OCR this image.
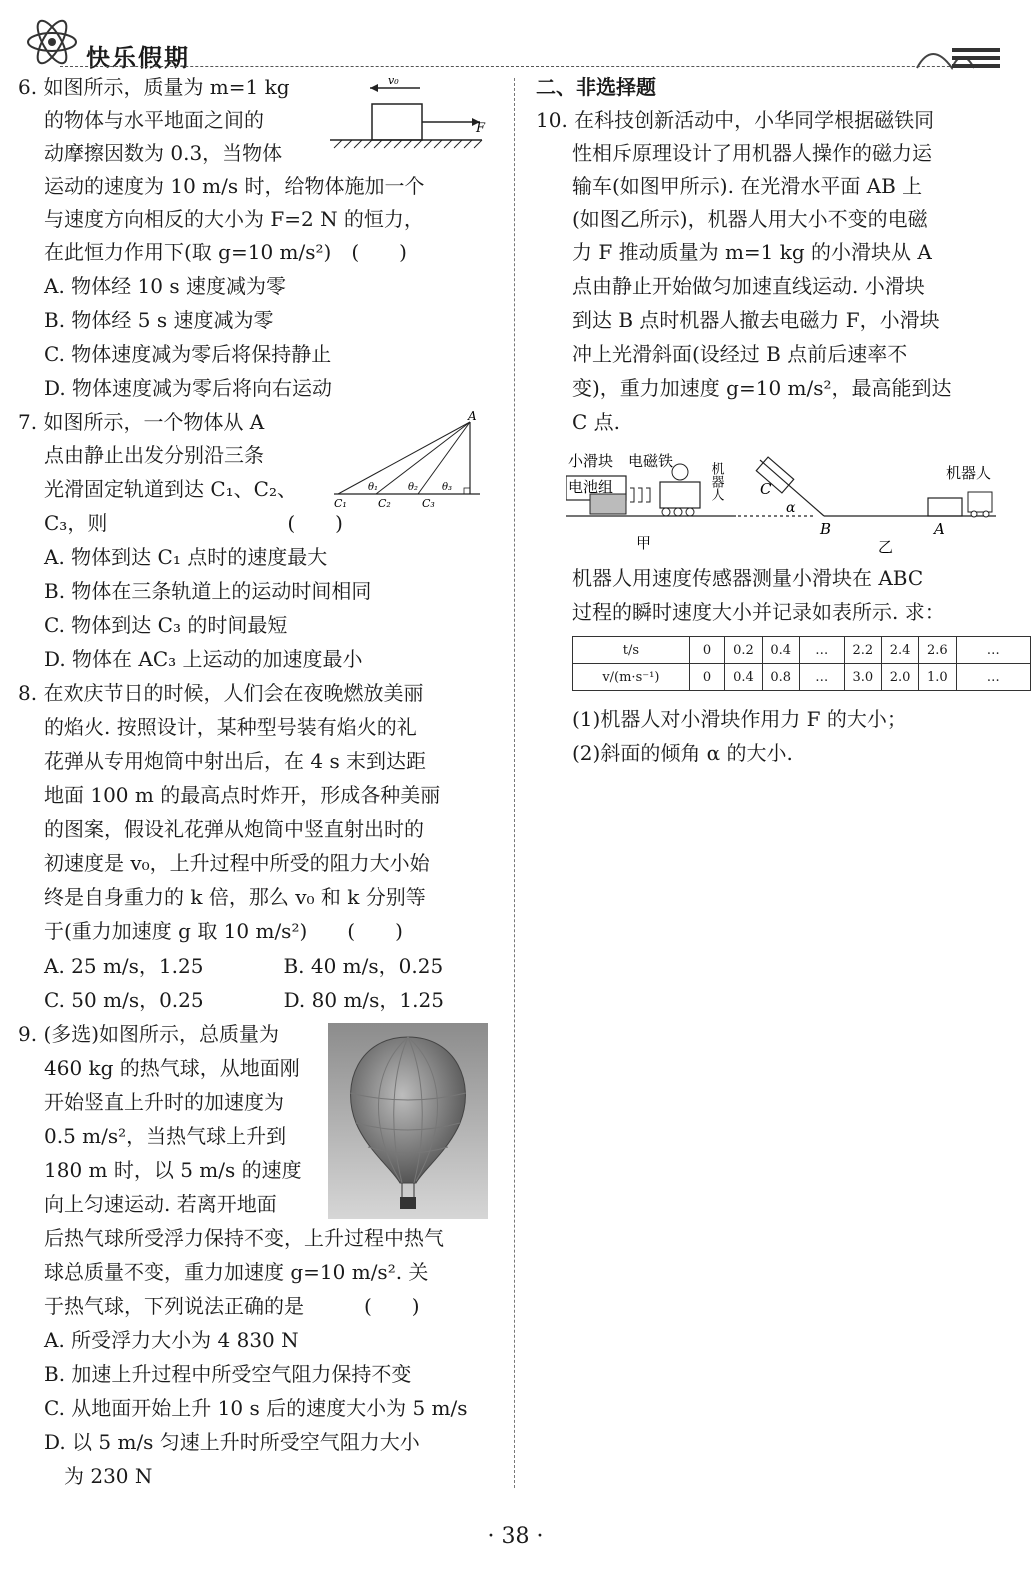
快乐假期
6. 如图所示，质量为 m=1 kg
的物体与水平地面之间的
动摩擦因数为 0.3，当物体
运动的速度为 10 m/s 时，给物体施加一个
与速度方向相反的大小为 F=2 N 的恒力，
在此恒力作用下(取 g=10 m/s²)　(　　)
A. 物体经 10 s 速度减为零
B. 物体经 5 s 速度减为零
C. 物体速度减为零后将保持静止
D. 物体速度减为零后将向右运动
7. 如图所示，一个物体从 A
点由静止出发分别沿三条
光滑固定轨道到达 C₁、C₂、
C₃，则　　　　　　　　　(　　)
A. 物体到达 C₁ 点时的速度最大
B. 物体在三条轨道上的运动时间相同
C. 物体到达 C₃ 的时间最短
D. 物体在 AC₃ 上运动的加速度最小
8. 在欢庆节日的时候，人们会在夜晚燃放美丽
的焰火. 按照设计，某种型号装有焰火的礼
花弹从专用炮筒中射出后，在 4 s 末到达距
地面 100 m 的最高点时炸开，形成各种美丽
的图案，假设礼花弹从炮筒中竖直射出时的
初速度是 v₀，上升过程中所受的阻力大小始
终是自身重力的 k 倍，那么 v₀ 和 k 分别等
于(重力加速度 g 取 10 m/s²)　　(　　)
A. 25 m/s，1.25　　　　B. 40 m/s，0.25
C. 50 m/s，0.25　　　　D. 80 m/s，1.25
9. (多选)如图所示，总质量为
460 kg 的热气球，从地面刚
开始竖直上升时的加速度为
0.5 m/s²，当热气球上升到
180 m 时，以 5 m/s 的速度
向上匀速运动. 若离开地面
后热气球所受浮力保持不变，上升过程中热气
球总质量不变，重力加速度 g=10 m/s². 关
于热气球，下列说法正确的是　　　(　　)
A. 所受浮力大小为 4 830 N
B. 加速上升过程中所受空气阻力保持不变
C. 从地面开始上升 10 s 后的速度大小为 5 m/s
D. 以 5 m/s 匀速上升时所受空气阻力大小
　为 230 N
v₀
F
A
θ₁	θ₂ θ₃
C₁	C₂	C₃
二、非选择题
10. 在科技创新活动中，小华同学根据磁铁同
性相斥原理设计了用机器人操作的磁力运
输车(如图甲所示). 在光滑水平面 AB 上
(如图乙所示)，机器人用大小不变的电磁
力 F 推动质量为 m=1 kg 的小滑块从 A
点由静止开始做匀加速直线运动. 小滑块
到达 B 点时机器人撤去电磁力 F，小滑块
冲上光滑斜面(设经过 B 点前后速率不
变)，重力加速度 g=10 m/s²，最高能到达
C 点.
机器人用速度传感器测量小滑块在 ABC
过程的瞬时速度大小并记录如表所示. 求：
(1)机器人对小滑块作用力 F 的大小；
(2)斜面的倾角 α 的大小.
小滑块 电磁铁
电池组	机器人
甲
C
α
B	A
机器人
乙
t/s	0	0.2	0.4	…	2.2	2.4	2.6	…
v/(m·s⁻¹)	0	0.4	0.8	…	3.0	2.0	1.0	…
· 38 ·
